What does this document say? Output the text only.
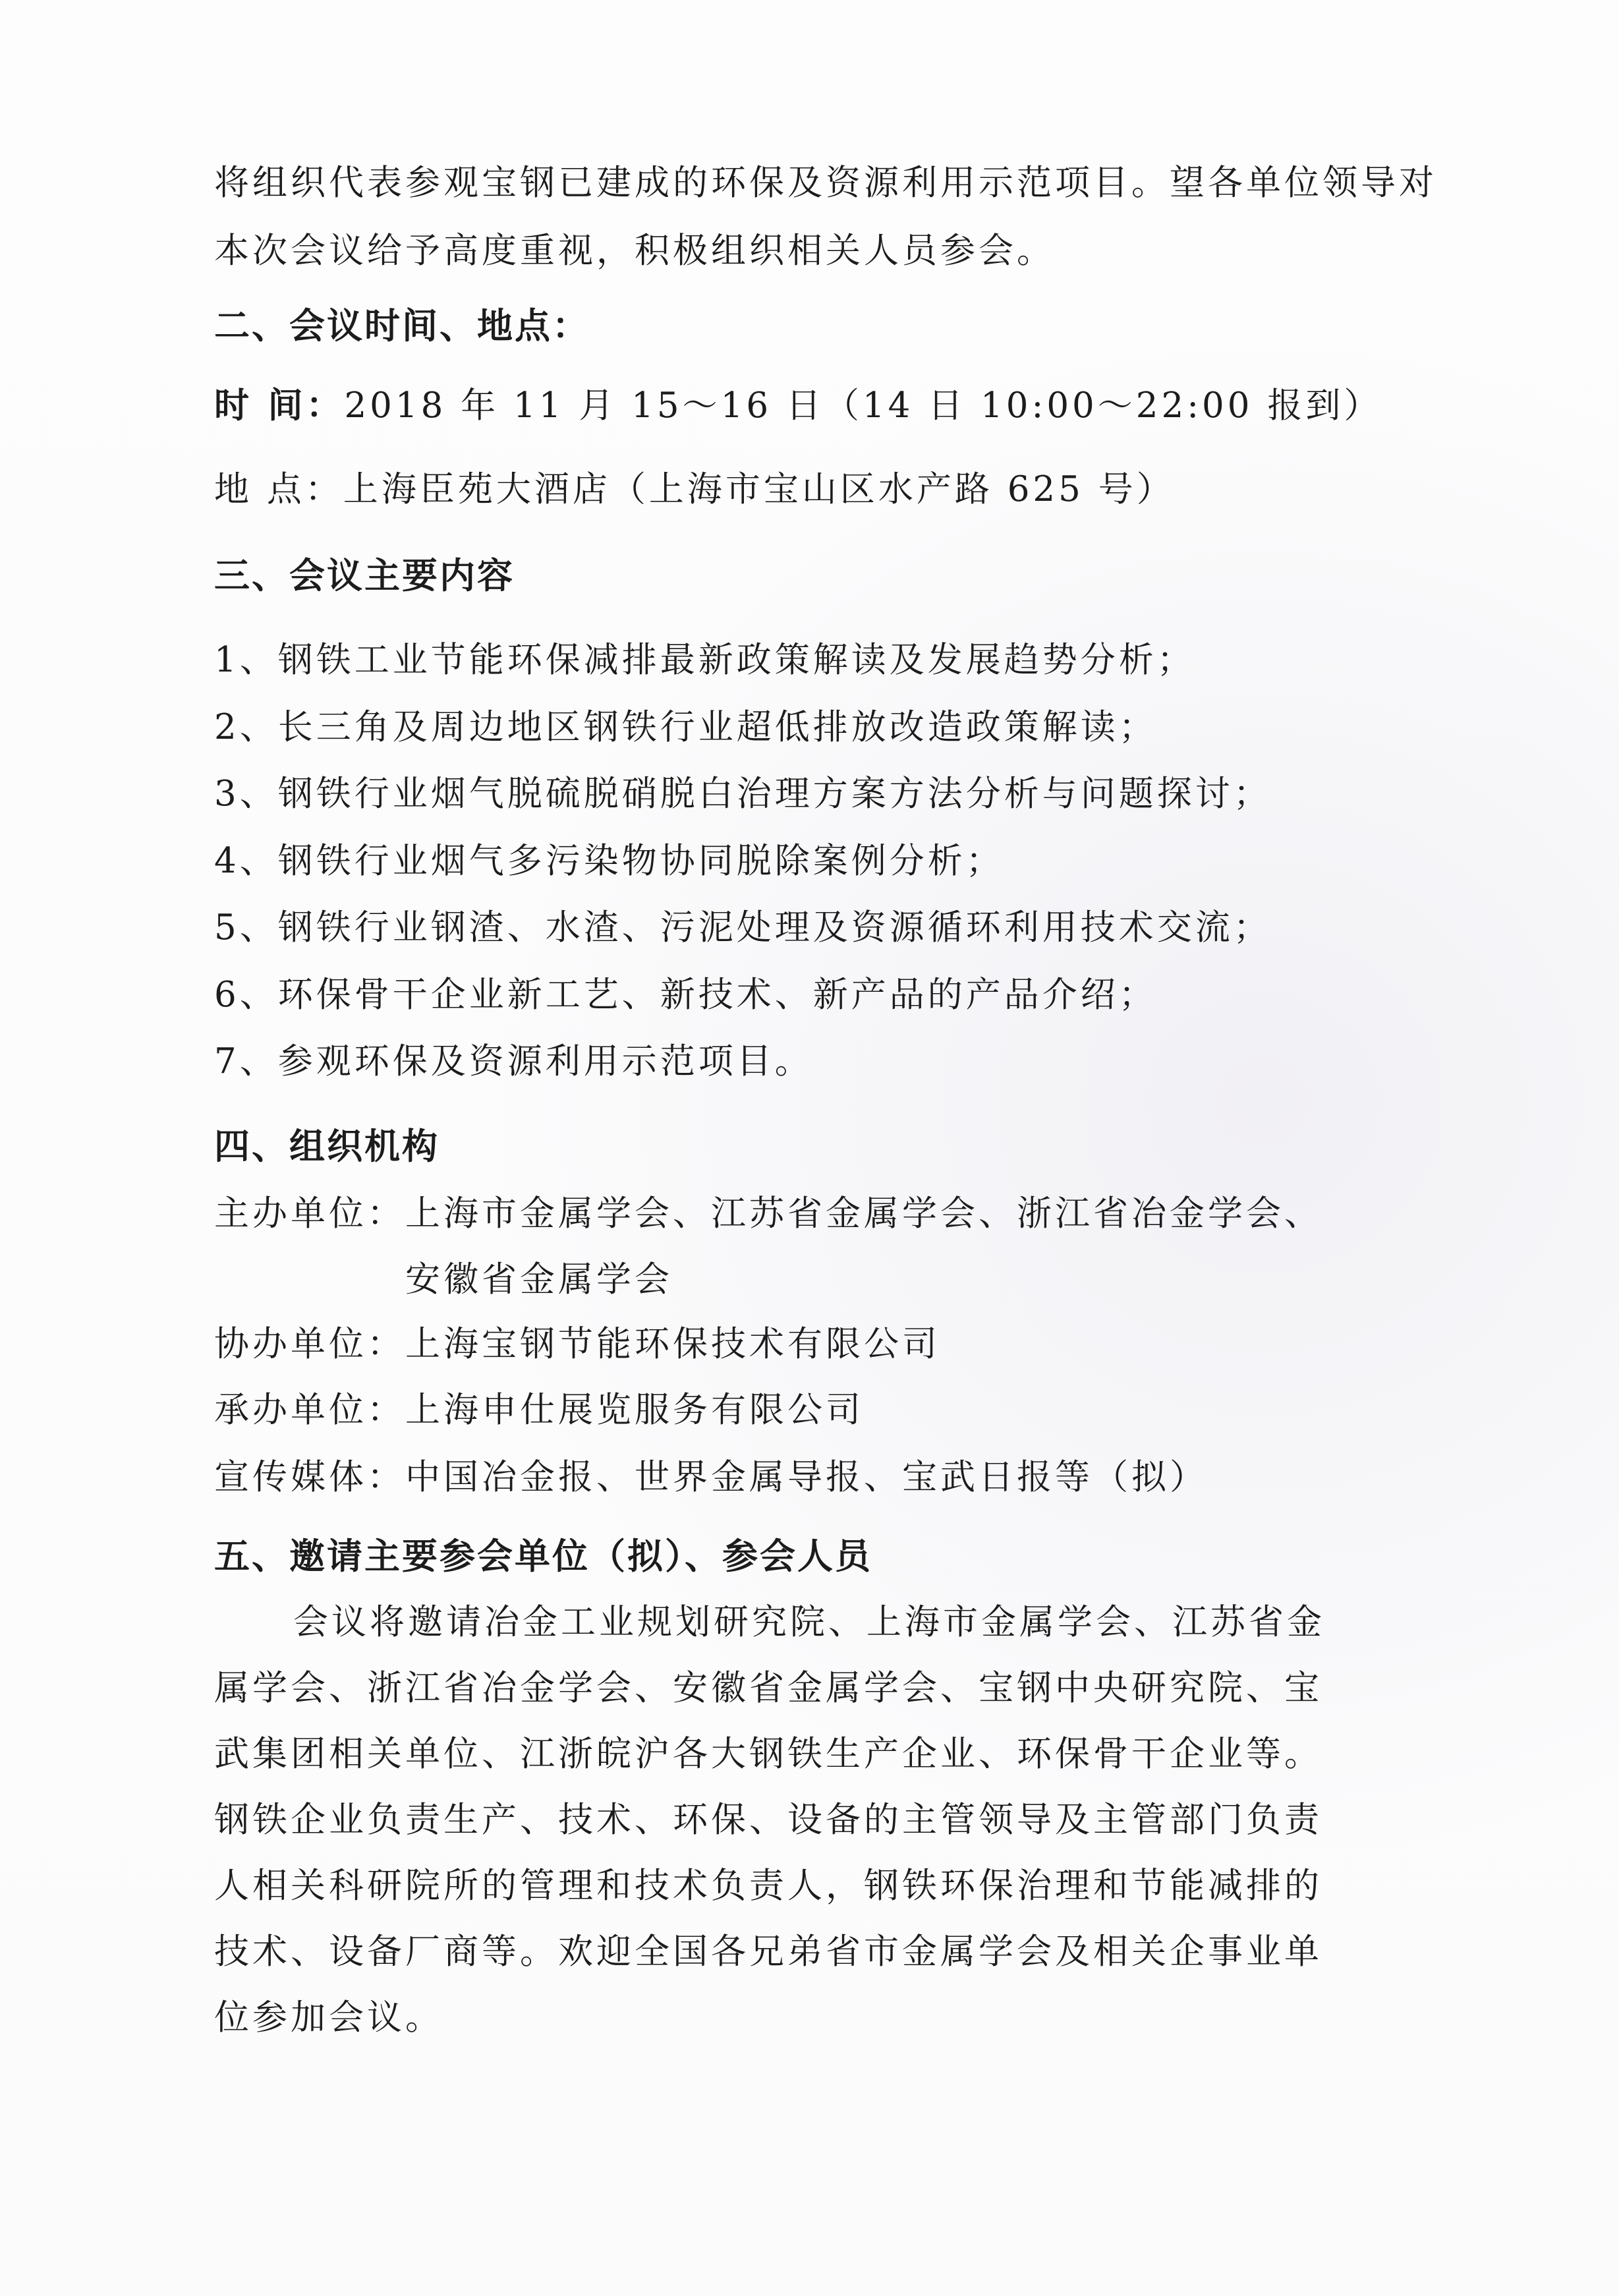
将组织代表参观宝钢已建成的环保及资源利用示范项目。望各单位领导对
本次会议给予高度重视，积极组织相关人员参会。
二、会议时间、地点：
时 间：2018 年 11 月 15～16 日（14 日 10:00～22:00 报到）
地 点：上海臣苑大酒店（上海市宝山区水产路 625 号）
三、会议主要内容
1、钢铁工业节能环保减排最新政策解读及发展趋势分析；
2、长三角及周边地区钢铁行业超低排放改造政策解读；
3、钢铁行业烟气脱硫脱硝脱白治理方案方法分析与问题探讨；
4、钢铁行业烟气多污染物协同脱除案例分析；
5、钢铁行业钢渣、水渣、污泥处理及资源循环利用技术交流；
6、环保骨干企业新工艺、新技术、新产品的产品介绍；
7、参观环保及资源利用示范项目。
四、组织机构
主办单位：上海市金属学会、江苏省金属学会、浙江省冶金学会、
安徽省金属学会
协办单位：上海宝钢节能环保技术有限公司
承办单位：上海申仕展览服务有限公司
宣传媒体：中国冶金报、世界金属导报、宝武日报等（拟）
五、邀请主要参会单位（拟）、参会人员
会议将邀请冶金工业规划研究院、上海市金属学会、江苏省金
属学会、浙江省冶金学会、安徽省金属学会、宝钢中央研究院、宝
武集团相关单位、江浙皖沪各大钢铁生产企业、环保骨干企业等。
钢铁企业负责生产、技术、环保、设备的主管领导及主管部门负责
人相关科研院所的管理和技术负责人，钢铁环保治理和节能减排的
技术、设备厂商等。欢迎全国各兄弟省市金属学会及相关企事业单
位参加会议。
